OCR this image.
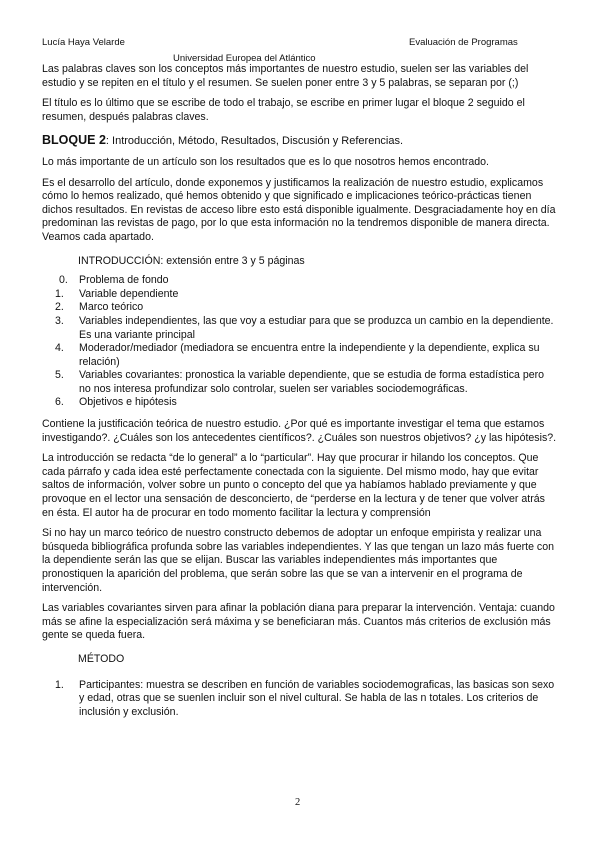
Lucía Haya Velarde	Evaluación de Programas
Universidad Europea del Atlántico

Las palabras claves son los conceptos más importantes de nuestro estudio, suelen ser las variables del estudio y se repiten en el título y el resumen. Se suelen poner entre 3 y 5 palabras, se separan por (;)

El título es lo último que se escribe de todo el trabajo, se escribe en primer lugar el bloque 2 seguido el resumen, después palabras claves.

BLOQUE 2: Introducción, Método, Resultados, Discusión y Referencias.

Lo más importante de un artículo son los resultados que es lo que nosotros hemos encontrado.

Es el desarrollo del artículo, donde exponemos y justificamos la realización de nuestro estudio, explicamos cómo lo hemos realizado, qué hemos obtenido y que significado e implicaciones teórico-prácticas tienen dichos resultados. En revistas de acceso libre esto está disponible igualmente. Desgraciadamente hoy en día predominan las revistas de pago, por lo que esta información no la tendremos disponible de manera directa. Veamos cada apartado.

INTRODUCCIÓN: extensión entre 3 y 5 páginas
0. Problema de fondo
1. Variable dependiente
2. Marco teórico
3. Variables independientes, las que voy a estudiar para que se produzca un cambio en la dependiente. Es una variante principal
4. Moderador/mediador (mediadora se encuentra entre la independiente y la dependiente, explica su relación)
5. Variables covariantes: pronostica la variable dependiente, que se estudia de forma estadística pero no nos interesa profundizar solo controlar, suelen ser variables sociodemográficas.
6. Objetivos e hipótesis

Contiene la justificación teórica de nuestro estudio. ¿Por qué es importante investigar el tema que estamos investigando?. ¿Cuáles son los antecedentes científicos?. ¿Cuáles son nuestros objetivos? ¿y las hipótesis?.

La introducción se redacta “de lo general” a lo “particular”. Hay que procurar ir hilando los conceptos. Que cada párrafo y cada idea esté perfectamente conectada con la siguiente. Del mismo modo, hay que evitar saltos de información, volver sobre un punto o concepto del que ya habíamos hablado previamente y que provoque en el lector una sensación de desconcierto, de “perderse en la lectura y de tener que volver atrás en ésta. El autor ha de procurar en todo momento facilitar la lectura y comprensión

Si no hay un marco teórico de nuestro constructo debemos de adoptar un enfoque empirista y realizar una búsqueda bibliográfica profunda sobre las variables independientes. Y las que tengan un lazo más fuerte con la dependiente serán las que se elijan. Buscar las variables independientes más importantes que pronostiquen la aparición del problema, que serán sobre las que se van a intervenir en el programa de intervención.

Las variables covariantes sirven para afinar la población diana para preparar la intervención. Ventaja: cuando más se afine la especialización será máxima y se beneficiaran más. Cuantos más criterios de exclusión más gente se queda fuera.

MÉTODO
1. Participantes: muestra se describen en función de variables sociodemograficas, las basicas son sexo y edad, otras que se suenlen incluir son el nivel cultural. Se habla de las n totales. Los criterios de inclusión y exclusión.
2
